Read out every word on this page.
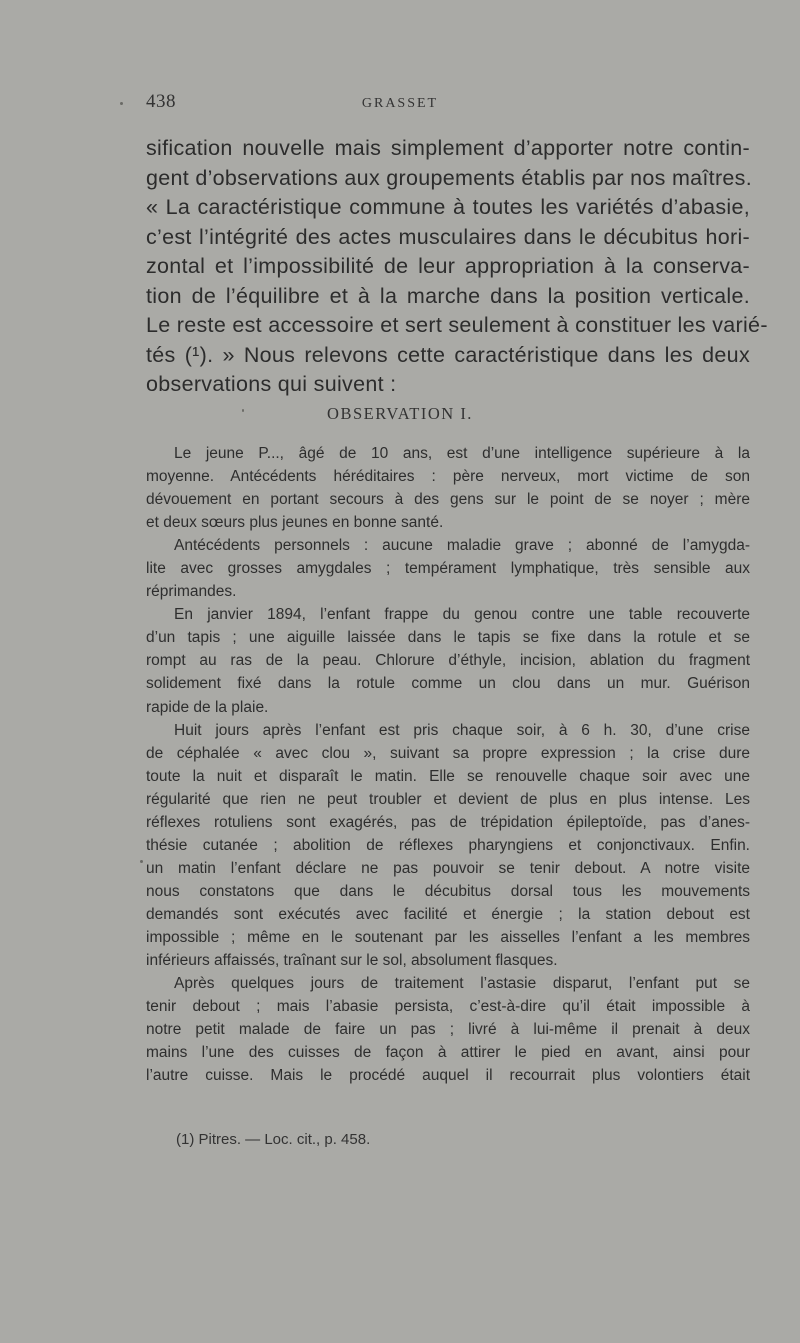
438	GRASSET
sification nouvelle mais simplement d’apporter notre contin-
gent d’observations aux groupements établis par nos maîtres.
« La caractéristique commune à toutes les variétés d’abasie,
c’est l’intégrité des actes musculaires dans le décubitus hori-
zontal et l’impossibilité de leur appropriation à la conserva-
tion de l’équilibre et à la marche dans la position verticale.
Le reste est accessoire et sert seulement à constituer les varié-
tés (¹). » Nous relevons cette caractéristique dans les deux
observations qui suivent :
OBSERVATION I.
Le jeune P..., âgé de 10 ans, est d’une intelligence supérieure à la
moyenne. Antécédents héréditaires : père nerveux, mort victime de son
dévouement en portant secours à des gens sur le point de se noyer ; mère
et deux sœurs plus jeunes en bonne santé.
Antécédents personnels : aucune maladie grave ; abonné de l’amygda-
lite avec grosses amygdales ; tempérament lymphatique, très sensible aux
réprimandes.
En janvier 1894, l’enfant frappe du genou contre une table recouverte
d’un tapis ; une aiguille laissée dans le tapis se fixe dans la rotule et se
rompt au ras de la peau. Chlorure d’éthyle, incision, ablation du fragment
solidement fixé dans la rotule comme un clou dans un mur. Guérison
rapide de la plaie.
Huit jours après l’enfant est pris chaque soir, à 6 h. 30, d’une crise
de céphalée « avec clou », suivant sa propre expression ; la crise dure
toute la nuit et disparaît le matin. Elle se renouvelle chaque soir avec une
régularité que rien ne peut troubler et devient de plus en plus intense. Les
réflexes rotuliens sont exagérés, pas de trépidation épileptoïde, pas d’anes-
thésie cutanée ; abolition de réflexes pharyngiens et conjonctivaux. Enfin.
un matin l’enfant déclare ne pas pouvoir se tenir debout. A notre visite
nous constatons que dans le décubitus dorsal tous les mouvements
demandés sont exécutés avec facilité et énergie ; la station debout est
impossible ; même en le soutenant par les aisselles l’enfant a les membres
inférieurs affaissés, traînant sur le sol, absolument flasques.
Après quelques jours de traitement l’astasie disparut, l’enfant put se
tenir debout ; mais l’abasie persista, c’est-à-dire qu’il était impossible à
notre petit malade de faire un pas ; livré à lui-même il prenait à deux
mains l’une des cuisses de façon à attirer le pied en avant, ainsi pour
l’autre cuisse. Mais le procédé auquel il recourrait plus volontiers était
(1) Pitres. — Loc. cit., p. 458.
